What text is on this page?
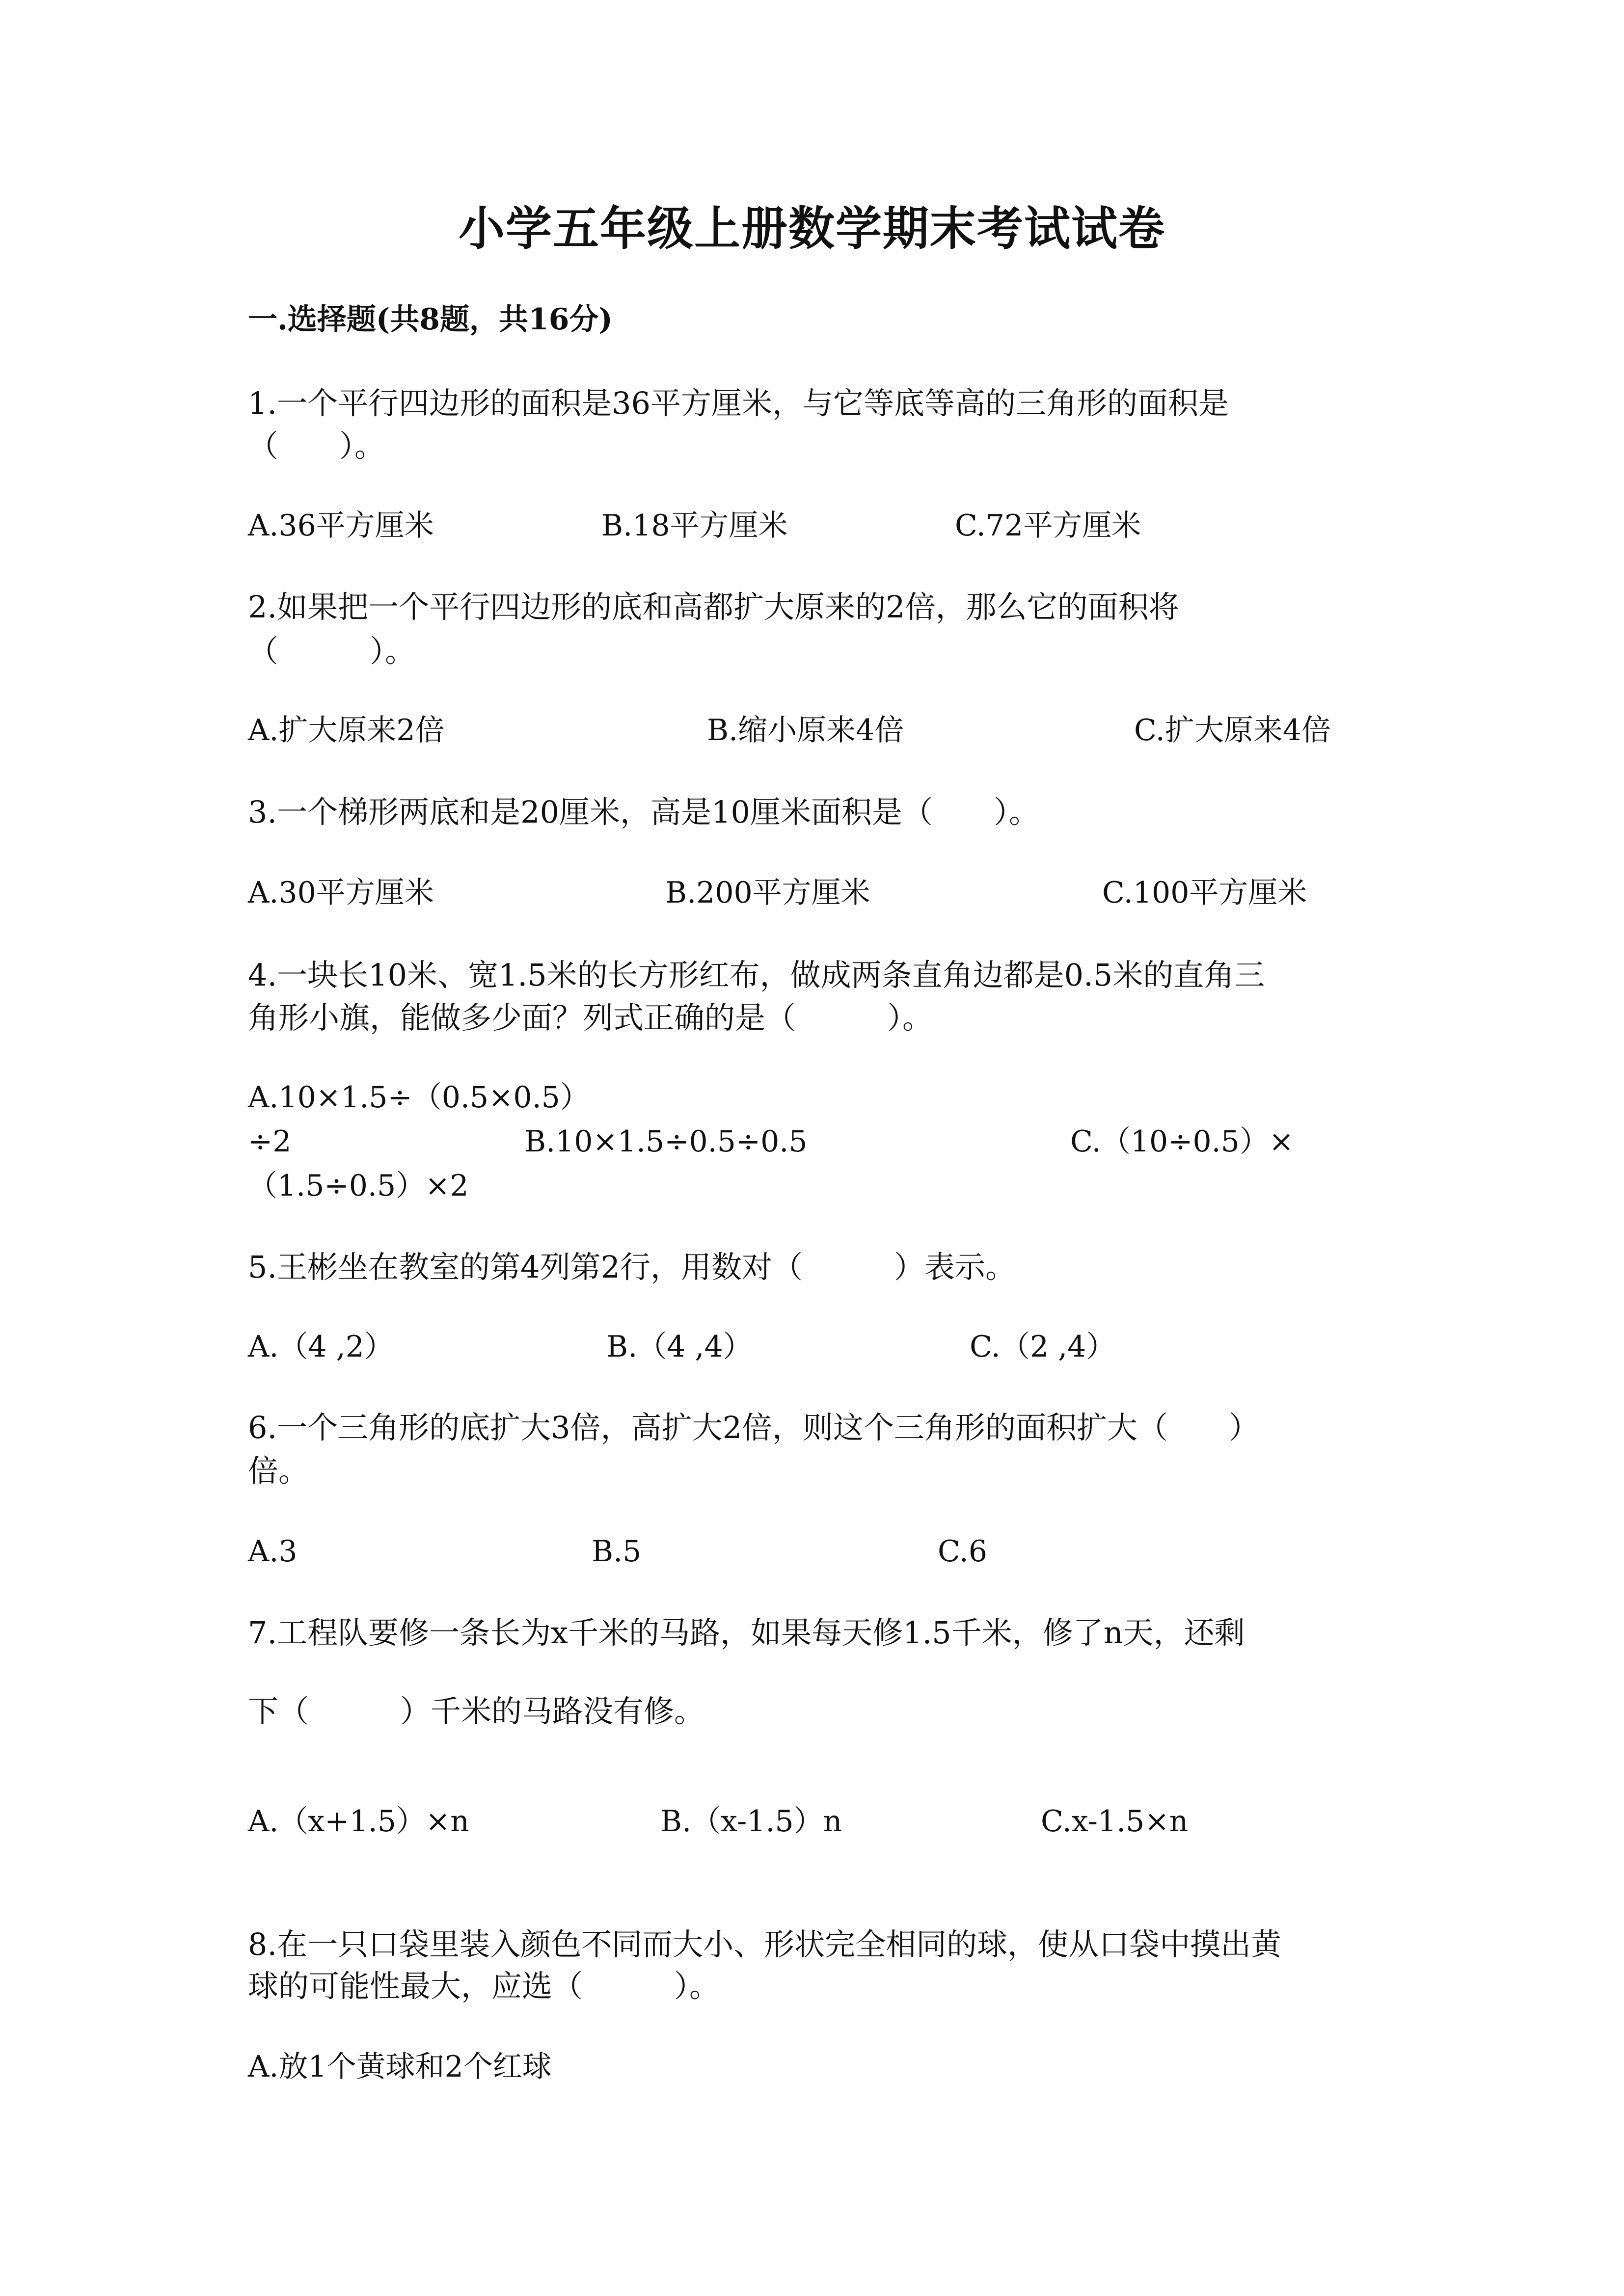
小学五年级上册数学期末考试试卷
一.选择题(共8题，共16分)
1.一个平行四边形的面积是36平方厘米，与它等底等高的三角形的面积是
（　　）。
A.36平方厘米	B.18平方厘米	C.72平方厘米
2.如果把一个平行四边形的底和高都扩大原来的2倍，那么它的面积将
（　　　）。
A.扩大原来2倍	B.缩小原来4倍	C.扩大原来4倍
3.一个梯形两底和是20厘米，高是10厘米面积是（　　）。
A.30平方厘米	B.200平方厘米	C.100平方厘米
4.一块长10米、宽1.5米的长方形红布，做成两条直角边都是0.5米的直角三
角形小旗，能做多少面？列式正确的是（　　　）。
A.10×1.5÷（0.5×0.5）
÷2	B.10×1.5÷0.5÷0.5	C.（10÷0.5）×
（1.5÷0.5）×2
5.王彬坐在教室的第4列第2行，用数对（　　　）表示。
A.（4 ,2）	B.（4 ,4）	C.（2 ,4）
6.一个三角形的底扩大3倍，高扩大2倍，则这个三角形的面积扩大（　　）
倍。
A.3	B.5	C.6
7.工程队要修一条长为x千米的马路，如果每天修1.5千米，修了n天，还剩
下（　　　）千米的马路没有修。
A.（x+1.5）×n	B.（x-1.5）n	C.x-1.5×n
8.在一只口袋里装入颜色不同而大小、形状完全相同的球，使从口袋中摸出黄
球的可能性最大，应选（　　　）。
A.放1个黄球和2个红球
